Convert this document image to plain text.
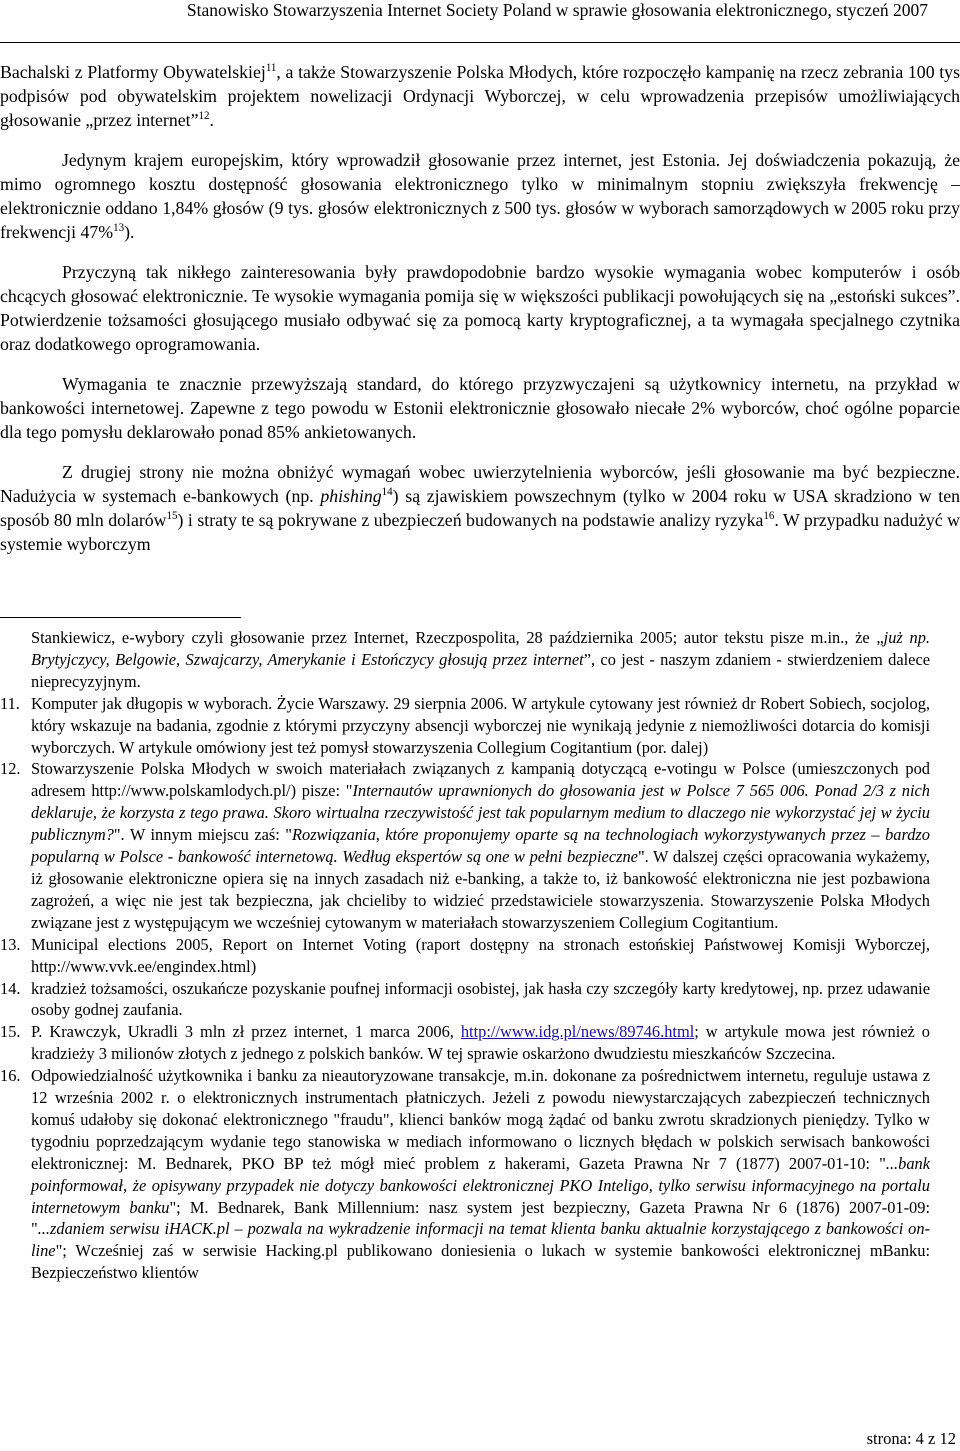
Stanowisko Stowarzyszenia Internet Society Poland w sprawie głosowania elektronicznego, styczeń 2007

Bachalski z Platformy Obywatelskiej$^{11}$, a także Stowarzyszenie Polska Młodych, które rozpoczęło kampanię na rzecz zebrania 100 tys podpisów pod obywatelskim projektem nowelizacji Ordynacji Wyborczej, w celu wprowadzenia przepisów umożliwiających głosowanie „przez internet”$^{12}$.

Jedynym krajem europejskim, który wprowadził głosowanie przez internet, jest Estonia. Jej doświadczenia pokazują, że mimo ogromnego kosztu dostępność głosowania elektronicznego tylko w minimalnym stopniu zwiększyła frekwencję – elektronicznie oddano 1,84% głosów (9 tys. głosów elektronicznych z 500 tys. głosów w wyborach samorządowych w 2005 roku przy frekwencji 47%$^{13}$).

Przyczyną tak nikłego zainteresowania były prawdopodobnie bardzo wysokie wymagania wobec komputerów i osób chcących głosować elektronicznie. Te wysokie wymagania pomija się w większości publikacji powołujących się na „estoński sukces”. Potwierdzenie tożsamości głosującego musiało odbywać się za pomocą karty kryptograficznej, a ta wymagała specjalnego czytnika oraz dodatkowego oprogramowania.

Wymagania te znacznie przewyższają standard, do którego przyzwyczajeni są użytkownicy internetu, na przykład w bankowości internetowej. Zapewne z tego powodu w Estonii elektronicznie głosowało niecałe 2% wyborców, choć ogólne poparcie dla tego pomysłu deklarowało ponad 85% ankietowanych.

Z drugiej strony nie można obniżyć wymagań wobec uwierzytelnienia wyborców, jeśli głosowanie ma być bezpieczne. Nadużycia w systemach e-bankowych (np. phishing$^{14}$) są zjawiskiem powszechnym (tylko w 2004 roku w USA skradziono w ten sposób 80 mln dolarów$^{15}$) i straty te są pokrywane z ubezpieczeń budowanych na podstawie analizy ryzyka$^{16}$. W przypadku nadużyć w systemie wyborczym

Stankiewicz, e-wybory czyli głosowanie przez Internet, Rzeczpospolita, 28 października 2005; autor tekstu pisze m.in., że „już np. Brytyjczycy, Belgowie, Szwajcarzy, Amerykanie i Estończycy głosują przez internet”, co jest - naszym zdaniem - stwierdzeniem dalece nieprecyzyjnym.
11. Komputer jak długopis w wyborach. Życie Warszawy. 29 sierpnia 2006. W artykule cytowany jest również dr Robert Sobiech, socjolog, który wskazuje na badania, zgodnie z którymi przyczyny absencji wyborczej nie wynikają jedynie z niemożliwości dotarcia do komisji wyborczych. W artykule omówiony jest też pomysł stowarzyszenia Collegium Cogitantium (por. dalej)
12. Stowarzyszenie Polska Młodych w swoich materiałach związanych z kampanią dotyczącą e-votingu w Polsce (umieszczonych pod adresem http://www.polskamlodych.pl/) pisze: "Internautów uprawnionych do głosowania jest w Polsce 7 565 006. Ponad 2/3 z nich deklaruje, że korzysta z tego prawa. Skoro wirtualna rzeczywistość jest tak popularnym medium to dlaczego nie wykorzystać jej w życiu publicznym?". W innym miejscu zaś: "Rozwiązania, które proponujemy oparte są na technologiach wykorzystywanych przez – bardzo popularną w Polsce - bankowość internetową. Według ekspertów są one w pełni bezpieczne". W dalszej części opracowania wykażemy, iż głosowanie elektroniczne opiera się na innych zasadach niż e-banking, a także to, iż bankowość elektroniczna nie jest pozbawiona zagrożeń, a więc nie jest tak bezpieczna, jak chcieliby to widzieć przedstawiciele stowarzyszenia. Stowarzyszenie Polska Młodych związane jest z występującym we wcześniej cytowanym w materiałach stowarzyszeniem Collegium Cogitantium.
13. Municipal elections 2005, Report on Internet Voting (raport dostępny na stronach estońskiej Państwowej Komisji Wyborczej, http://www.vvk.ee/engindex.html)
14. kradzież tożsamości, oszukańcze pozyskanie poufnej informacji osobistej, jak hasła czy szczegóły karty kredytowej, np. przez udawanie osoby godnej zaufania.
15. P. Krawczyk, Ukradli 3 mln zł przez internet, 1 marca 2006, http://www.idg.pl/news/89746.html; w artykule mowa jest również o kradzieży 3 milionów złotych z jednego z polskich banków. W tej sprawie oskarżono dwudziestu mieszkańców Szczecina.
16. Odpowiedzialność użytkownika i banku za nieautoryzowane transakcje, m.in. dokonane za pośrednictwem internetu, reguluje ustawa z 12 września 2002 r. o elektronicznych instrumentach płatniczych. Jeżeli z powodu niewystarczających zabezpieczeń technicznych komuś udałoby się dokonać elektronicznego "fraudu", klienci banków mogą żądać od banku zwrotu skradzionych pieniędzy. Tylko w tygodniu poprzedzającym wydanie tego stanowiska w mediach informowano o licznych błędach w polskich serwisach bankowości elektronicznej: M. Bednarek, PKO BP też mógł mieć problem z hakerami, Gazeta Prawna Nr 7 (1877) 2007-01-10: "...bank poinformował, że opisywany przypadek nie dotyczy bankowości elektronicznej PKO Inteligo, tylko serwisu informacyjnego na portalu internetowym banku"; M. Bednarek, Bank Millennium: nasz system jest bezpieczny, Gazeta Prawna Nr 6 (1876) 2007-01-09: "...zdaniem serwisu iHACK.pl – pozwala na wykradzenie informacji na temat klienta banku aktualnie korzystającego z bankowości on-line"; Wcześniej zaś w serwisie Hacking.pl publikowano doniesienia o lukach w systemie bankowości elektronicznej mBanku: Bezpieczeństwo klientów
strona: 4 z 12
